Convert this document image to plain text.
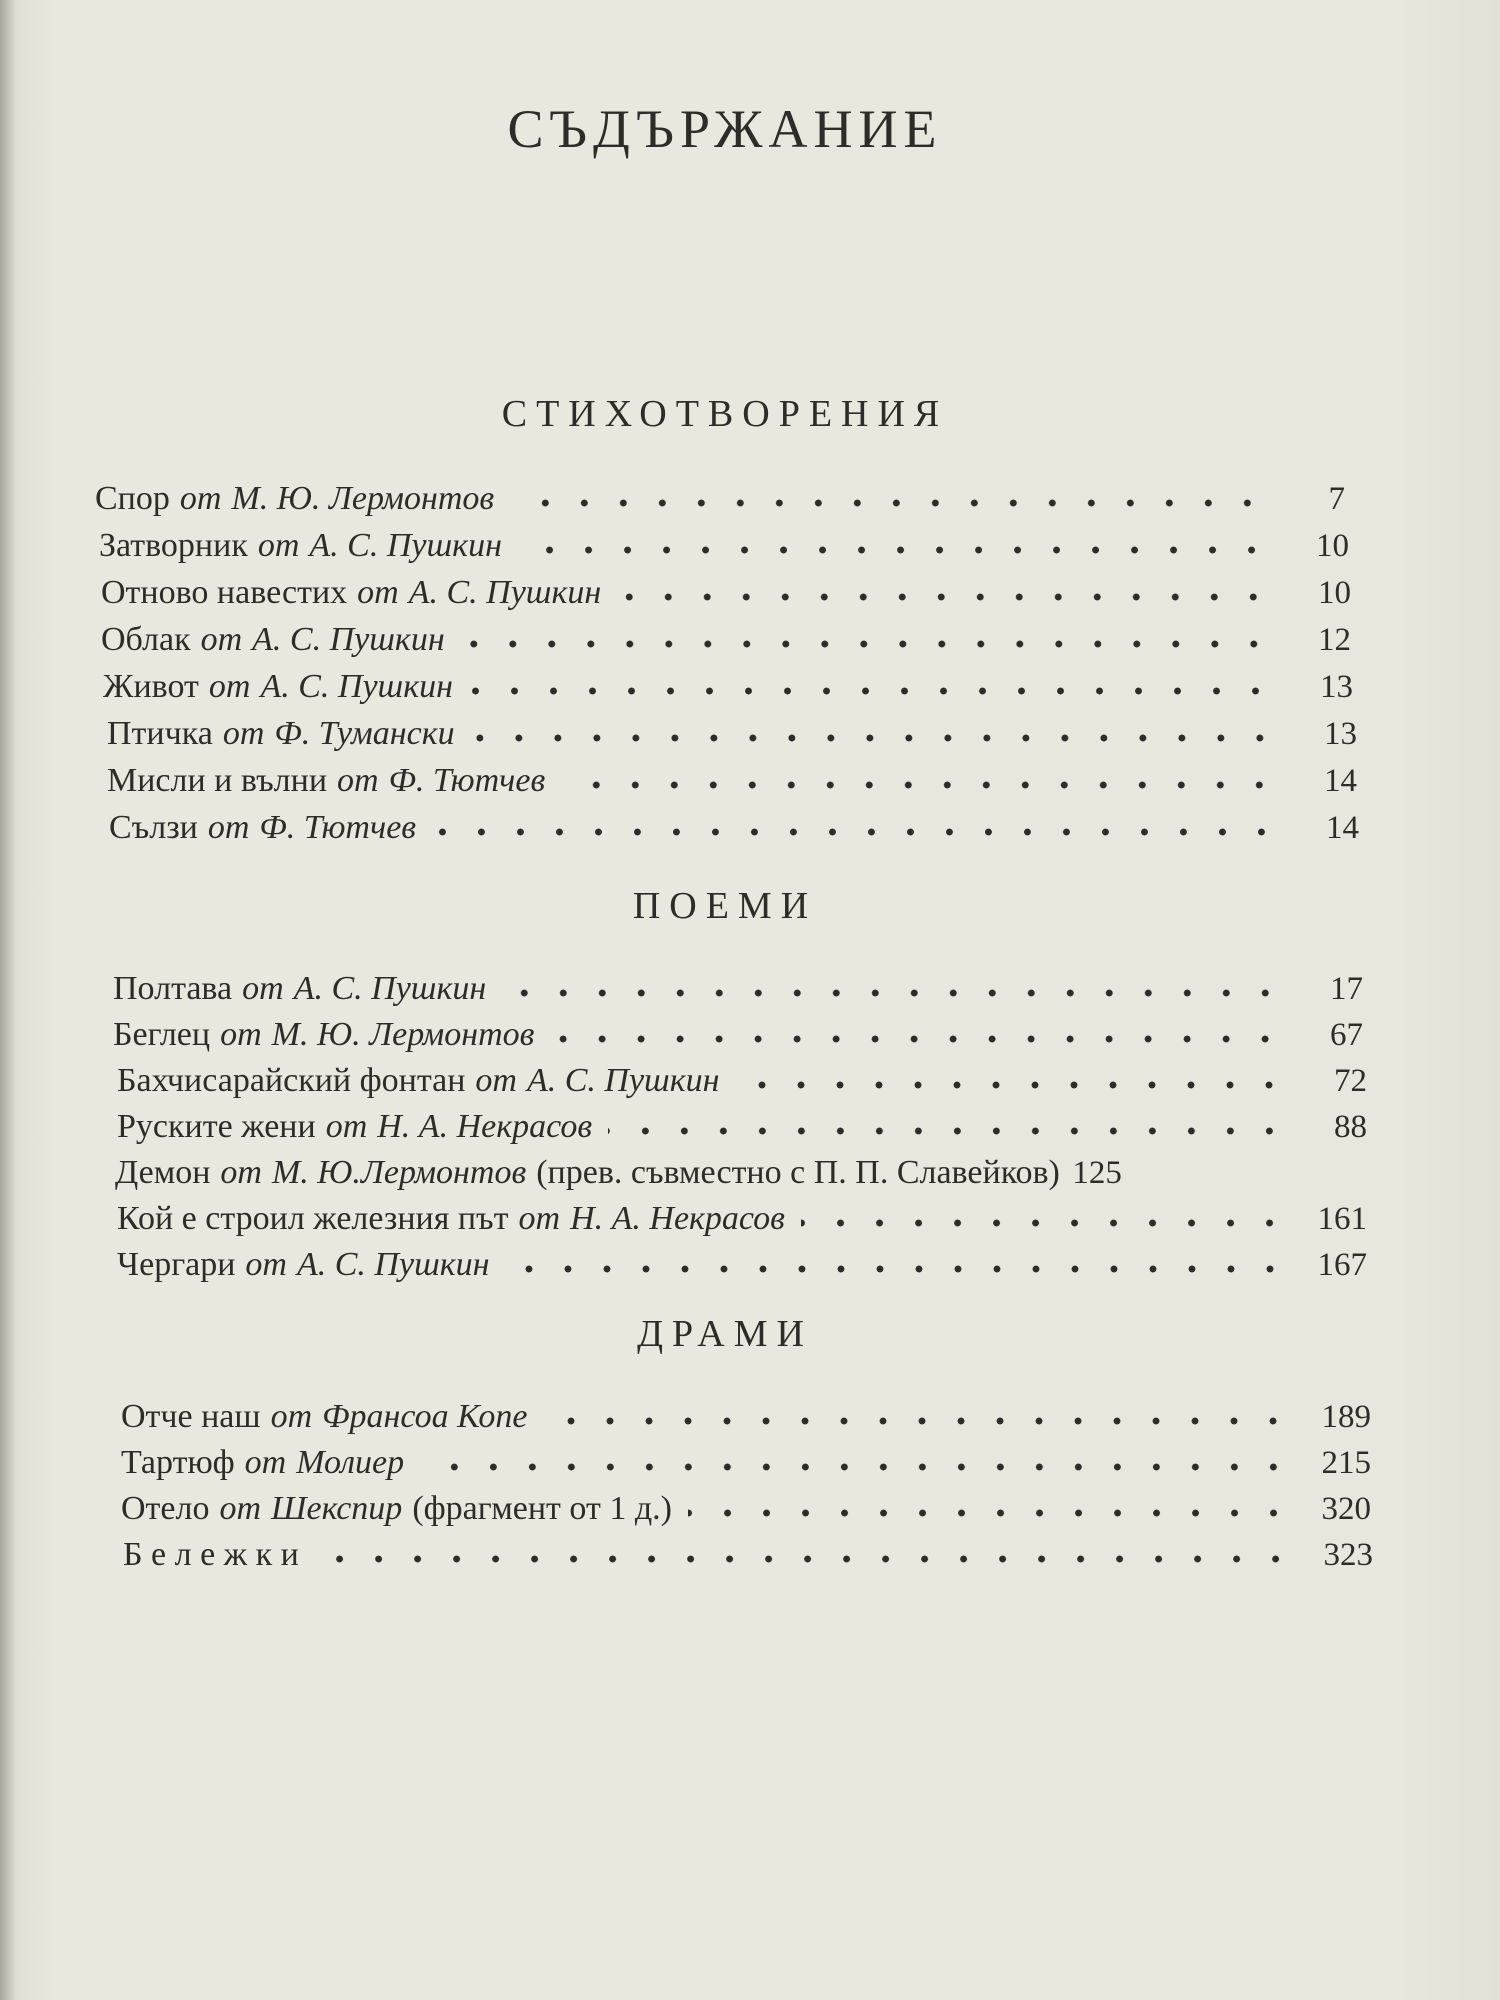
СЪДЪРЖАНИЕ
СТИХОТВОРЕНИЯ
Спор от М. Ю. Лермонтов	7
Затворник от А. С. Пушкин	10
Отново навестих от А. С. Пушкин	10
Облак от А. С. Пушкин	12
Живот от А. С. Пушкин	13
Птичка от Ф. Тумански	13
Мисли и вълни от Ф. Тютчев	14
Сълзи от Ф. Тютчев	14
ПОЕМИ
Полтава от А. С. Пушкин	17
Беглец от М. Ю. Лермонтов	67
Бахчисарайский фонтан от А. С. Пушкин	72
Руските жени от Н. А. Некрасов	88
Демон от М. Ю.Лермонтов (прев. съвместно с П. П. Славейков) 125
Кой е строил железния път от Н. А. Некрасов	161
Чергари от А. С. Пушкин	167
ДРАМИ
Отче наш от Франсоа Копе	189
Тартюф от Молиер	215
Отело от Шекспир (фрагмент от 1 д.)	320
Б е л е ж к и	323
